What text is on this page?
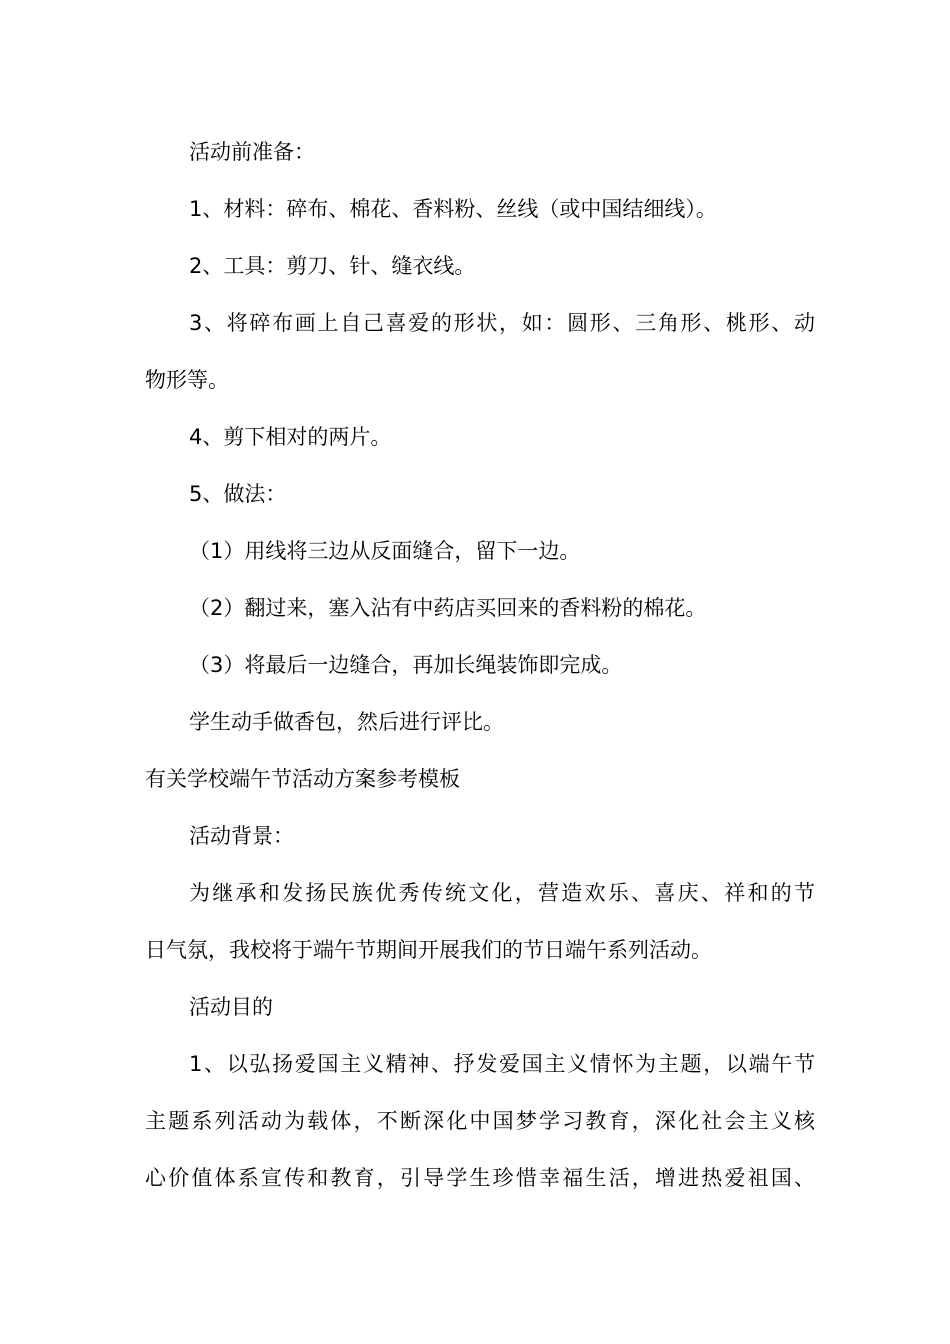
活动前准备：
1、材料：碎布、棉花、香料粉、丝线（或中国结细线）。
2、工具：剪刀、针、缝衣线。
3、将碎布画上自己喜爱的形状，如：圆形、三角形、桃形、动
物形等。
4、剪下相对的两片。
5、做法：
（1）用线将三边从反面缝合，留下一边。
（2）翻过来，塞入沾有中药店买回来的香料粉的棉花。
（3）将最后一边缝合，再加长绳装饰即完成。
学生动手做香包，然后进行评比。
有关学校端午节活动方案参考模板
活动背景：
为继承和发扬民族优秀传统文化，营造欢乐、喜庆、祥和的节
日气氛，我校将于端午节期间开展我们的节日端午系列活动。
活动目的
1、以弘扬爱国主义精神、抒发爱国主义情怀为主题，以端午节
主题系列活动为载体，不断深化中国梦学习教育，深化社会主义核
心价值体系宣传和教育，引导学生珍惜幸福生活，增进热爱祖国、
